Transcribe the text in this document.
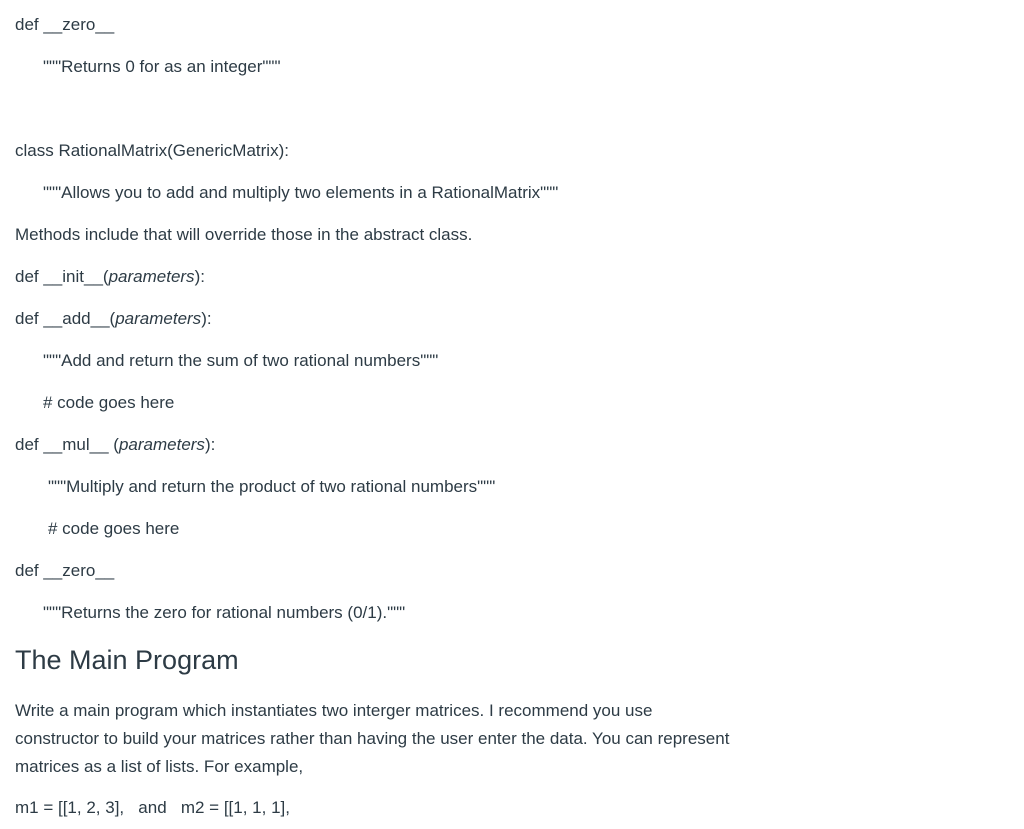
def __zero__

"""Returns 0 for as an integer"""

class RationalMatrix(GenericMatrix):

"""Allows you to add and multiply two elements in a RationalMatrix"""

Methods include that will override those in the abstract class.

def __init__(parameters):

def __add__(parameters):

"""Add and return the sum of two rational numbers"""

# code goes here

def __mul__ (parameters):

"""Multiply and return the product of two rational numbers"""

# code goes here

def __zero__

"""Returns the zero for rational numbers (0/1)."""

The Main Program

Write a main program which instantiates two interger matrices. I recommend you use constructor to build your matrices rather than having the user enter the data. You can represent matrices as a list of lists. For example,

m1 = [[1, 2, 3],   and   m2 = [[1, 1, 1],
